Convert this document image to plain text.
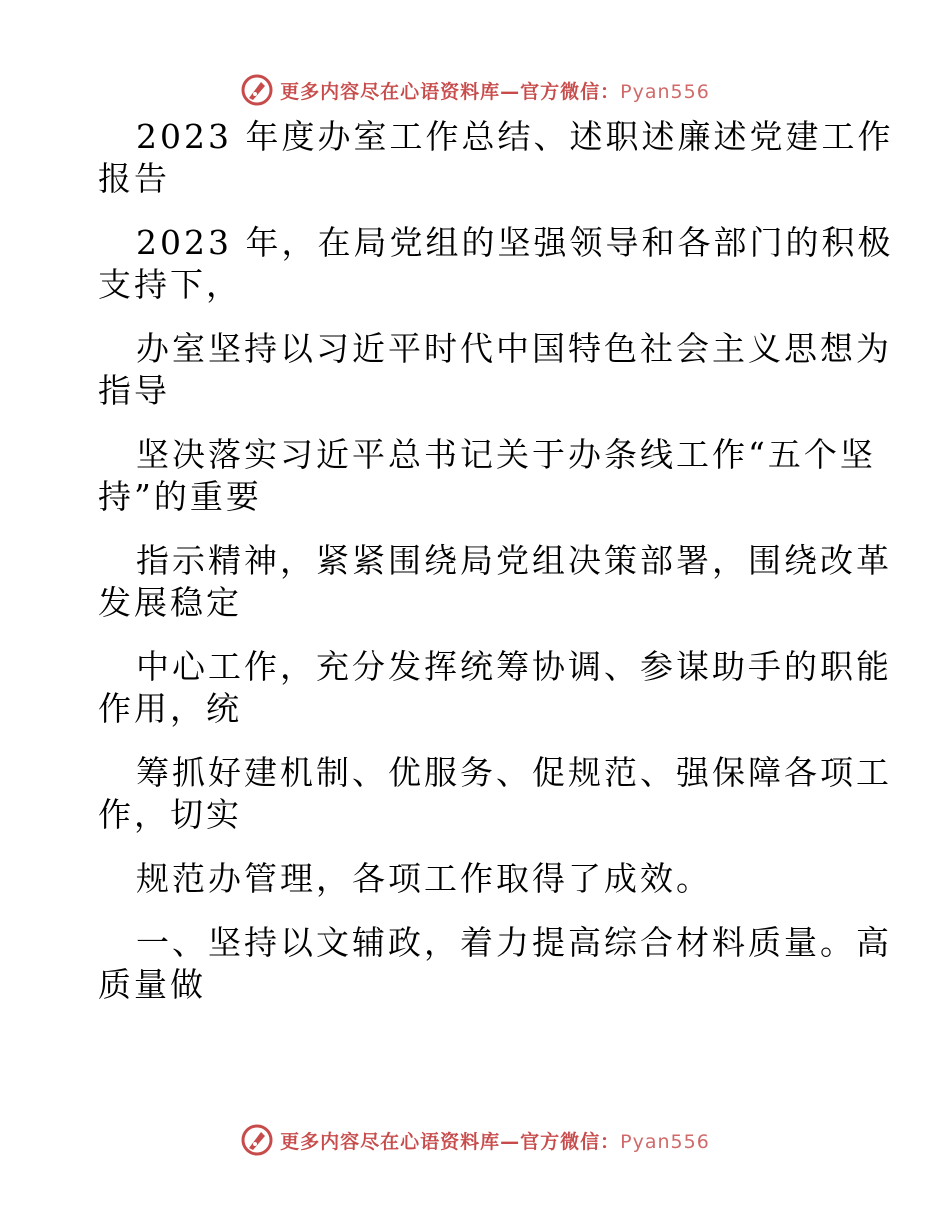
更多内容尽在心语资料库—官方微信：Pyan556
2023 年度办室工作总结、述职述廉述党建工作
报告
2023 年，在局党组的坚强领导和各部门的积极
支持下，
办室坚持以习近平时代中国特色社会主义思想为
指导
坚决落实习近平总书记关于办条线工作“五个坚
持”的重要
指示精神，紧紧围绕局党组决策部署，围绕改革
发展稳定
中心工作，充分发挥统筹协调、参谋助手的职能
作用，统
筹抓好建机制、优服务、促规范、强保障各项工
作，切实
规范办管理，各项工作取得了成效。
一、坚持以文辅政，着力提高综合材料质量。高
质量做
更多内容尽在心语资料库—官方微信：Pyan556
